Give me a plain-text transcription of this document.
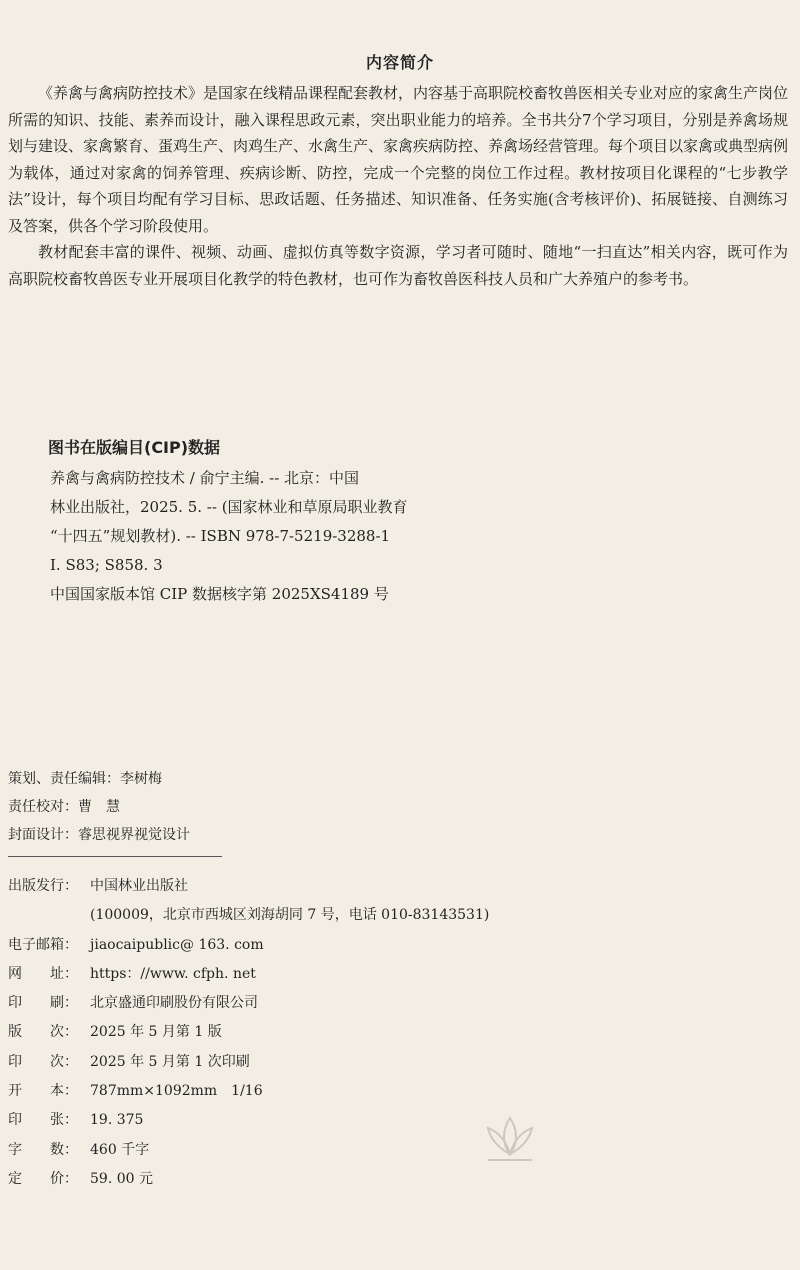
内容简介

《养禽与禽病防控技术》是国家在线精品课程配套教材，内容基于高职院校畜牧兽医相关专业对应的家禽生产岗位所需的知识、技能、素养而设计，融入课程思政元素，突出职业能力的培养。全书共分7个学习项目，分别是养禽场规划与建设、家禽繁育、蛋鸡生产、肉鸡生产、水禽生产、家禽疾病防控、养禽场经营管理。每个项目以家禽或典型病例为载体，通过对家禽的饲养管理、疾病诊断、防控，完成一个完整的岗位工作过程。教材按项目化课程的“七步教学法”设计，每个项目均配有学习目标、思政话题、任务描述、知识准备、任务实施(含考核评价)、拓展链接、自测练习及答案，供各个学习阶段使用。

教材配套丰富的课件、视频、动画、虚拟仿真等数字资源，学习者可随时、随地“一扫直达”相关内容，既可作为高职院校畜牧兽医专业开展项目化教学的特色教材，也可作为畜牧兽医科技人员和广大养殖户的参考书。

图书在版编目(CIP)数据
养禽与禽病防控技术 / 俞宁主编. -- 北京：中国
林业出版社，2025. 5. -- (国家林业和草原局职业教育
“十四五”规划教材). -- ISBN 978-7-5219-3288-1
Ⅰ. S83; S858. 3
中国国家版本馆 CIP 数据核字第 2025XS4189 号
策划、责任编辑：李树梅
责任校对：曹　慧
封面设计：睿思视界视觉设计
出版发行： 中国林业出版社
(100009，北京市西城区刘海胡同 7 号，电话 010-83143531)
电子邮箱： jiaocaipublic@ 163. com
网　　址： https：//www. cfph. net
印　　刷： 北京盛通印刷股份有限公司
版　　次： 2025 年 5 月第 1 版
印　　次： 2025 年 5 月第 1 次印刷
开　　本： 787mm×1092mm　1/16
印　　张： 19. 375
字　　数： 460 千字
定　　价： 59. 00 元
